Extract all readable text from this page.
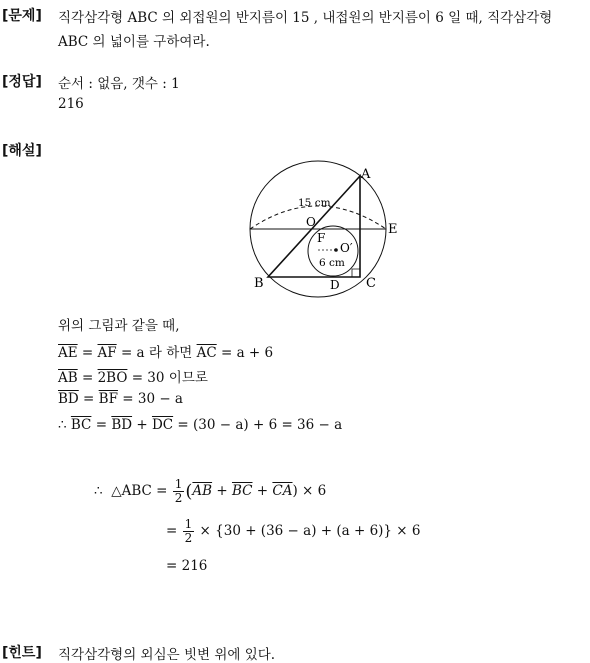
[문제] 직각삼각형 ABC 의 외접원의 반지름이 15 , 내접원의 반지름이 6 일 때, 직각삼각형
ABC 의 넓이를 구하여라.
[정답] 순서 : 없음, 갯수 : 1
216
[해설]
A
B	C
D
E
O
F
O′
15 cm
6 cm
위의 그림과 같을 때,
$\overline{AE} = \overline{AF} = a$ 라 하면 $\overline{AC} = a + 6$
$\overline{AB} = 2BO = 30$ 이므로
$\overline{BD} = \overline{BF} = 30 - a$
∴ $\overline{BC} = \overline{BD} + \overline{DC} = (30 - a) + 6 = 36 - a$
∴ △ABC = $\frac{1}{2} (\overline{AB} + \overline{BC} + \overline{CA}) \times 6$
= $\frac{1}{2} \times \{30 + (36 - a) + (a + 6)\} \times 6$
= 216
[힌트] 직각삼각형의 외심은 빗변 위에 있다.
